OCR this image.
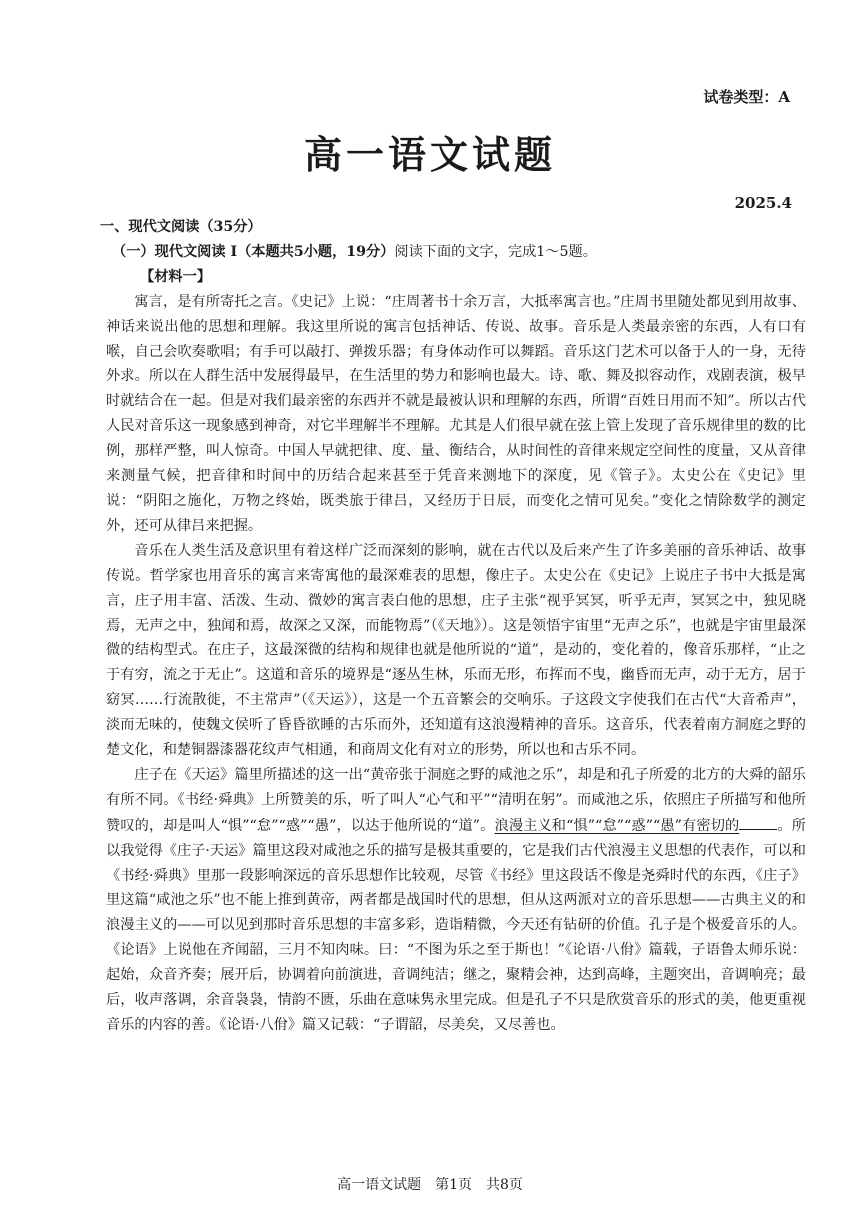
试卷类型：A
高一语文试题
2025.4
一、现代文阅读（35分）
（一）现代文阅读 I（本题共5小题，19分）阅读下面的文字，完成1～5题。
【材料一】

寓言，是有所寄托之言。《史记》上说：“庄周著书十余万言，大抵率寓言也。”庄周书里随处都见到用故事、神话来说出他的思想和理解。我这里所说的寓言包括神话、传说、故事。音乐是人类最亲密的东西，人有口有喉，自己会吹奏歌唱；有手可以敲打、弹拨乐器；有身体动作可以舞蹈。音乐这门艺术可以备于人的一身，无待外求。所以在人群生活中发展得最早，在生活里的势力和影响也最大。诗、歌、舞及拟容动作，戏剧表演，极早时就结合在一起。但是对我们最亲密的东西并不就是最被认识和理解的东西，所谓“百姓日用而不知”。所以古代人民对音乐这一现象感到神奇，对它半理解半不理解。尤其是人们很早就在弦上管上发现了音乐规律里的数的比例，那样严整，叫人惊奇。中国人早就把律、度、量、衡结合，从时间性的音律来规定空间性的度量，又从音律来测量气候，把音律和时间中的历结合起来甚至于凭音来测地下的深度，见《管子》。太史公在《史记》里说：“阴阳之施化，万物之终始，既类旅于律吕，又经历于日辰，而变化之情可见矣。”变化之情除数学的测定外，还可从律吕来把握。

音乐在人类生活及意识里有着这样广泛而深刻的影响，就在古代以及后来产生了许多美丽的音乐神话、故事传说。哲学家也用音乐的寓言来寄寓他的最深难表的思想，像庄子。太史公在《史记》上说庄子书中大抵是寓言，庄子用丰富、活泼、生动、微妙的寓言表白他的思想，庄子主张“视乎冥冥，听乎无声，冥冥之中，独见晓焉，无声之中，独闻和焉，故深之又深，而能物焉”（《天地》）。这是领悟宇宙里“无声之乐”，也就是宇宙里最深微的结构型式。在庄子，这最深微的结构和规律也就是他所说的“道”，是动的，变化着的，像音乐那样，“止之于有穷，流之于无止”。这道和音乐的境界是“逐丛生林，乐而无形，布挥而不曳，幽昏而无声，动于无方，居于窈冥……行流散徙，不主常声”（《天运》），这是一个五音繁会的交响乐。子这段文字使我们在古代“大音希声”，淡而无味的，使魏文侯听了昏昏欲睡的古乐而外，还知道有这浪漫精神的音乐。这音乐，代表着南方洞庭之野的楚文化，和楚铜器漆器花纹声气相通，和商周文化有对立的形势，所以也和古乐不同。

庄子在《天运》篇里所描述的这一出“黄帝张于洞庭之野的咸池之乐”，却是和孔子所爱的北方的大舜的韶乐有所不同。《书经·舜典》上所赞美的乐，听了叫人“心气和平”“清明在躬”。而咸池之乐，依照庄子所描写和他所赞叹的，却是叫人“惧”“怠”“惑”“愚”，以达于他所说的“道”。浪漫主义和“惧”“怠”“惑”“愚”有密切的	。所以我觉得《庄子·天运》篇里这段对咸池之乐的描写是极其重要的，它是我们古代浪漫主义思想的代表作，可以和《书经·舜典》里那一段影响深远的音乐思想作比较观，尽管《书经》里这段话不像是尧舜时代的东西，《庄子》里这篇“咸池之乐”也不能上推到黄帝，两者都是战国时代的思想，但从这两派对立的音乐思想——古典主义的和浪漫主义的——可以见到那时音乐思想的丰富多彩，造诣精微，今天还有钻研的价值。孔子是个极爱音乐的人。《论语》上说他在齐闻韶，三月不知肉味。曰：“不图为乐之至于斯也！”《论语·八佾》篇载，子语鲁太师乐说：起始，众音齐奏；展开后，协调着向前演进，音调纯洁；继之，聚精会神，达到高峰，主题突出，音调响亮；最后，收声落调，余音袅袅，情韵不匮，乐曲在意味隽永里完成。但是孔子不只是欣赏音乐的形式的美，他更重视音乐的内容的善。《论语·八佾》篇又记载：“子谓韶，尽美矣，又尽善也。

高一语文试题　第1页　共8页
